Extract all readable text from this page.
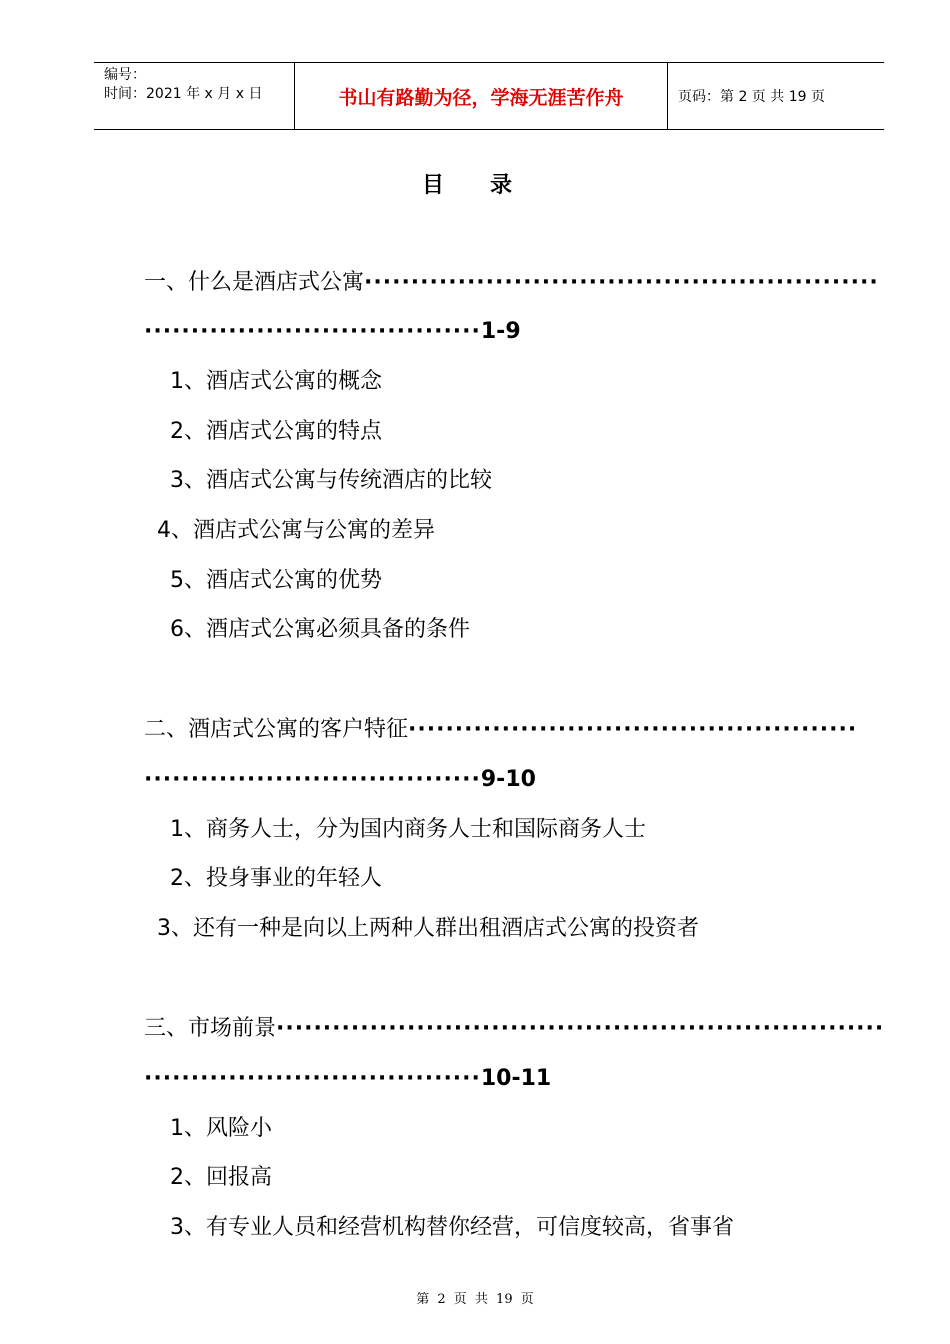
编号：
时间：2021 年 x 月 x 日	书山有路勤为径，学海无涯苦作舟	页码：第 2 页 共 19 页
目录
一、什么是酒店式公寓·······················································
····································1-9
1、酒店式公寓的概念
2、酒店式公寓的特点
3、酒店式公寓与传统酒店的比较
4、酒店式公寓与公寓的差异
5、酒店式公寓的优势
6、酒店式公寓必须具备的条件
二、酒店式公寓的客户特征················································
····································9-10
1、商务人士，分为国内商务人士和国际商务人士
2、投身事业的年轻人
3、还有一种是向以上两种人群出租酒店式公寓的投资者
三、市场前景·································································
····································10-11
1、风险小
2、回报高
3、有专业人员和经营机构替你经营，可信度较高，省事省
第 2 页 共 19 页
